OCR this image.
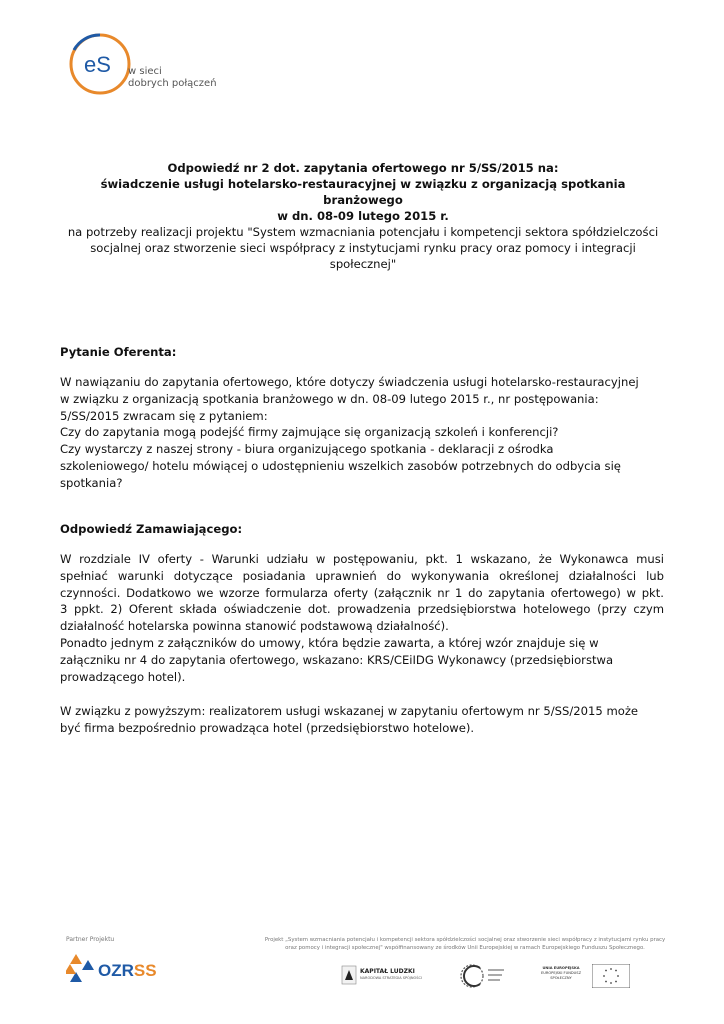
eS w sieci
dobrych połączeń
Odpowiedź nr 2 dot. zapytania ofertowego nr 5/SS/2015 na:
świadczenie usługi hotelarsko-restauracyjnej w związku z organizacją spotkania branżowego
w dn. 08-09 lutego 2015 r.
na potrzeby realizacji projektu "System wzmacniania potencjału i kompetencji sektora spółdzielczości
socjalnej oraz stworzenie sieci współpracy z instytucjami rynku pracy oraz pomocy i integracji
społecznej"
Pytanie Oferenta:
W nawiązaniu do zapytania ofertowego, które dotyczy świadczenia usługi hotelarsko-restauracyjnej
w związku z organizacją spotkania branżowego w dn. 08-09 lutego 2015 r., nr postępowania:
5/SS/2015 zwracam się z pytaniem:
Czy do zapytania mogą podejść firmy zajmujące się organizacją szkoleń i konferencji?
Czy wystarczy z naszej strony - biura organizującego spotkania - deklaracji z ośrodka
szkoleniowego/ hotelu mówiącej o udostępnieniu wszelkich zasobów potrzebnych do odbycia się
spotkania?
Odpowiedź Zamawiającego:
W rozdziale IV oferty - Warunki udziału w postępowaniu, pkt. 1 wskazano, że Wykonawca musi
spełniać warunki dotyczące posiadania uprawnień do wykonywania określonej działalności lub
czynności. Dodatkowo we wzorze formularza oferty (załącznik nr 1 do zapytania ofertowego) w pkt.
3 ppkt. 2) Oferent składa oświadczenie dot. prowadzenia przedsiębiorstwa hotelowego (przy czym
działalność hotelarska powinna stanowić podstawową działalność).
Ponadto jednym z załączników do umowy, która będzie zawarta, a której wzór znajduje się w
załączniku nr 4 do zapytania ofertowego, wskazano: KRS/CEiIDG Wykonawcy (przedsiębiorstwa
prowadzącego hotel).
W związku z powyższym: realizatorem usługi wskazanej w zapytaniu ofertowym nr 5/SS/2015 może
być firma bezpośrednio prowadząca hotel (przedsiębiorstwo hotelowe).
Partner Projektu
OZRSS
Projekt „System wzmacniania potencjału i kompetencji sektora spółdzielczości socjalnej oraz stworzenie sieci współpracy z instytucjami rynku pracy
oraz pomocy i integracji społecznej" współfinansowany ze środków Unii Europejskiej w ramach Europejskiego Funduszu Społecznego.
KAPITAŁ LUDZKI
NARODOWA STRATEGIA SPÓJNOŚCI
UNIA EUROPEJSKA
EUROPEJSKI FUNDUSZ SPOŁECZNY
